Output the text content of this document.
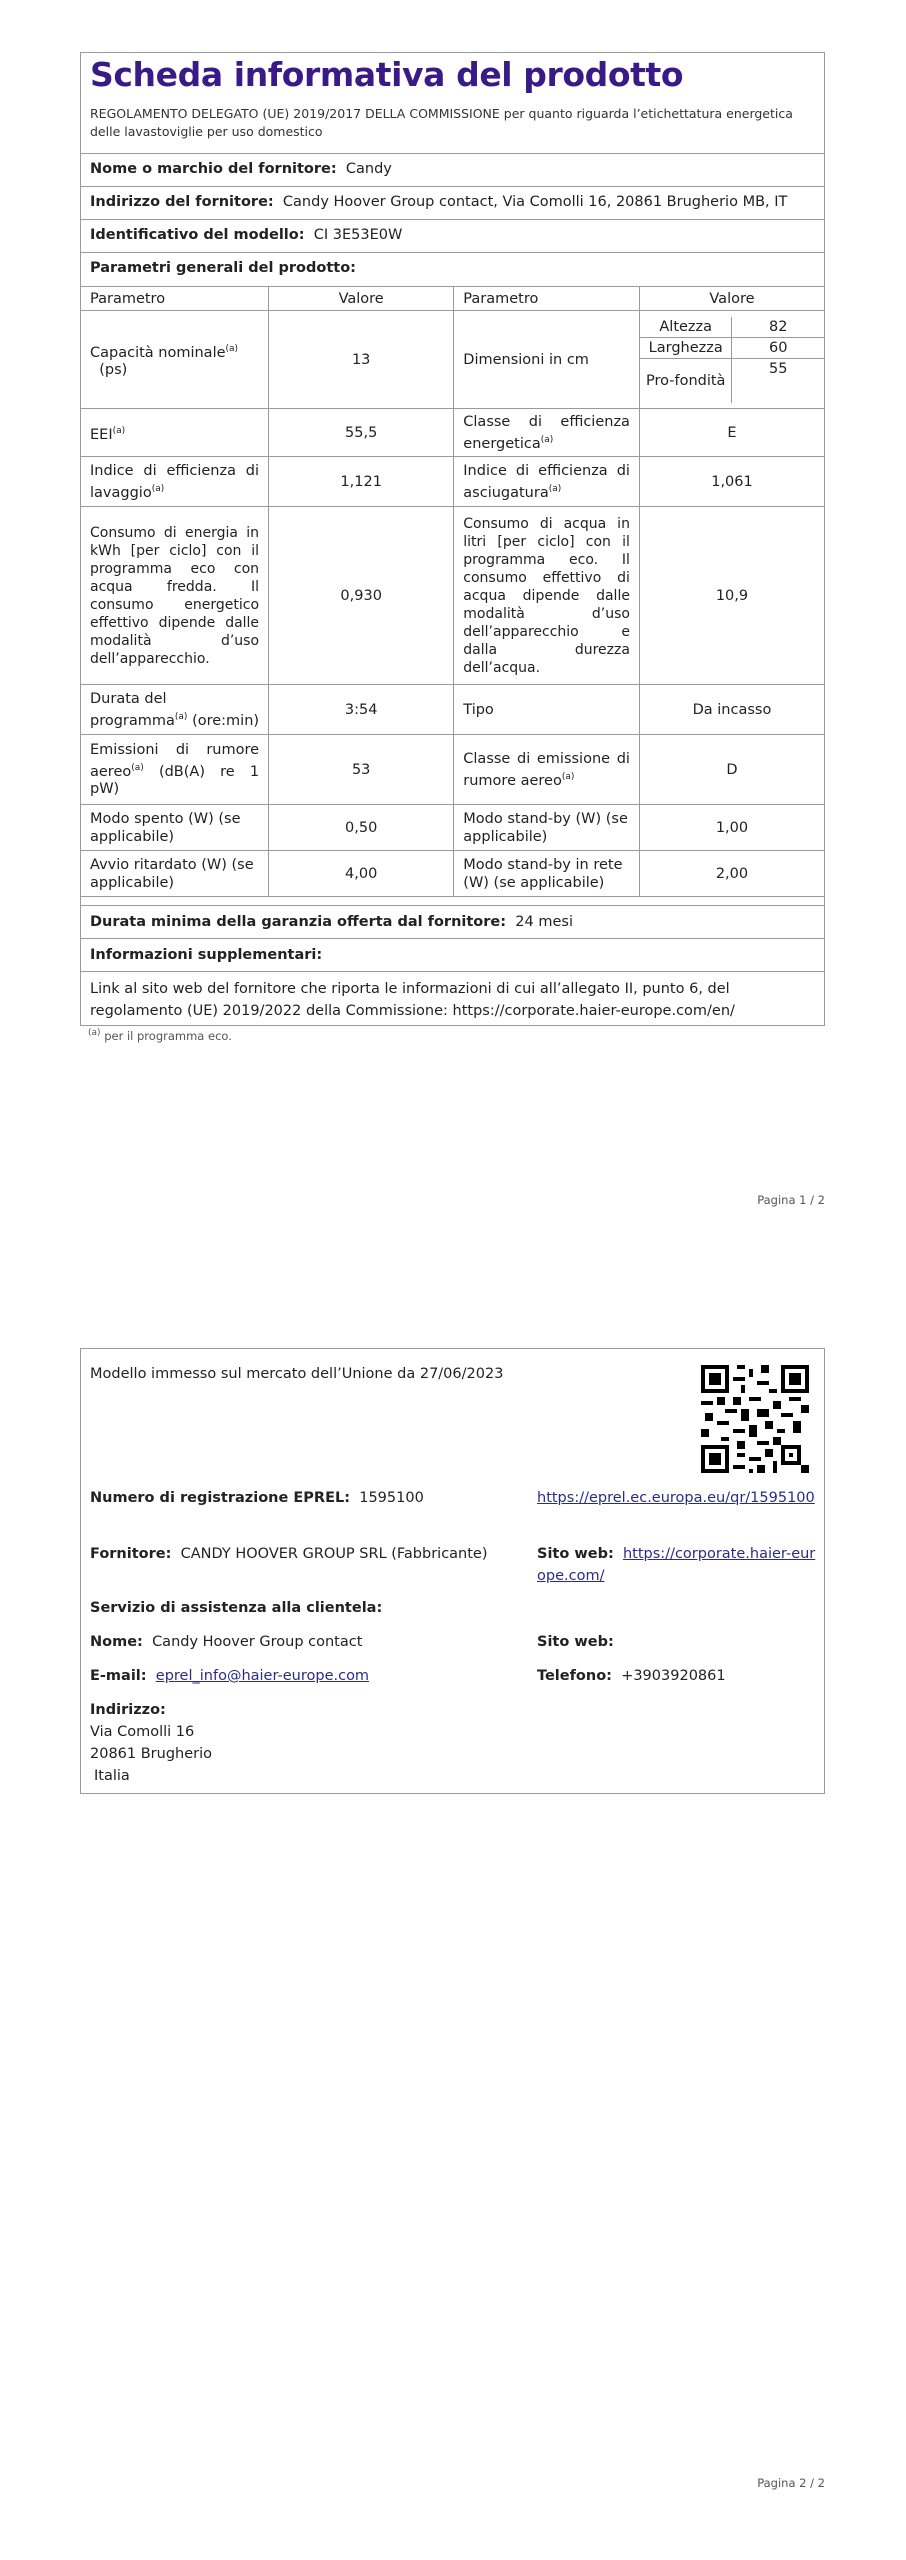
Scheda informativa del prodotto
REGOLAMENTO DELEGATO (UE) 2019/2017 DELLA COMMISSIONE per quanto riguarda l’etichettatura energetica delle lavastoviglie per uso domestico
Nome o marchio del fornitore: Candy
Indirizzo del fornitore: Candy Hoover Group contact, Via Comolli 16, 20861 Brugherio MB, IT
Identificativo del modello: CI 3E53E0W
Parametri generali del prodotto:
Parametro	Valore	Parametro	Valore
Capacità nominale$^{(a)}$
(ps)	13	Dimensioni in cm	
Altezza	82
Larghezza	60
Pro-fondità	55

EEI$^{(a)}$	55,5	Classe di efficienza energetica$^{(a)}$	E
Indice di efficienza di lavaggio$^{(a)}$	1,121	Indice di efficienza di asciugatura$^{(a)}$	1,061
Consumo di energia in kWh [per ciclo] con il programma eco con acqua fredda. Il consumo energetico effettivo dipende dalle modalità d’uso dell’apparecchio.	0,930	Consumo di acqua in litri [per ciclo] con il programma eco. Il consumo effettivo di acqua dipende dalle modalità d’uso dell’apparecchio e dalla durezza dell’acqua.	10,9
Durata del programma$^{(a)}$ (ore:min)	3:54	Tipo	Da incasso
Emissioni di rumore aereo$^{(a)}$ (dB(A) re 1 pW)	53	Classe di emissione di rumore aereo$^{(a)}$	D
Modo spento (W) (se applicabile)	0,50	Modo stand-by (W) (se applicabile)	1,00
Avvio ritardato (W) (se applicabile)	4,00	Modo stand-by in rete (W) (se applicabile)	2,00
Durata minima della garanzia offerta dal fornitore: 24 mesi
Informazioni supplementari:
Link al sito web del fornitore che riporta le informazioni di cui all’allegato II, punto 6, del regolamento (UE) 2019/2022 della Commissione: https://corporate.haier-europe.com/en/
$^{(a)}$ per il programma eco.
Pagina 1 / 2
Modello immesso sul mercato dell’Unione da 27/06/2023
Numero di registrazione EPREL: 1595100	https://eprel.ec.europa.eu/qr/1595100
Fornitore: CANDY HOOVER GROUP SRL (Fabbricante)	Sito web: https://corporate.haier-europe.com/
Servizio di assistenza alla clientela:
Nome: Candy Hoover Group contact	Sito web:
E-mail: eprel_info@haier-europe.com	Telefono: +3903920861
Indirizzo:
Via Comolli 16
20861 Brugherio
Italia
Pagina 2 / 2
